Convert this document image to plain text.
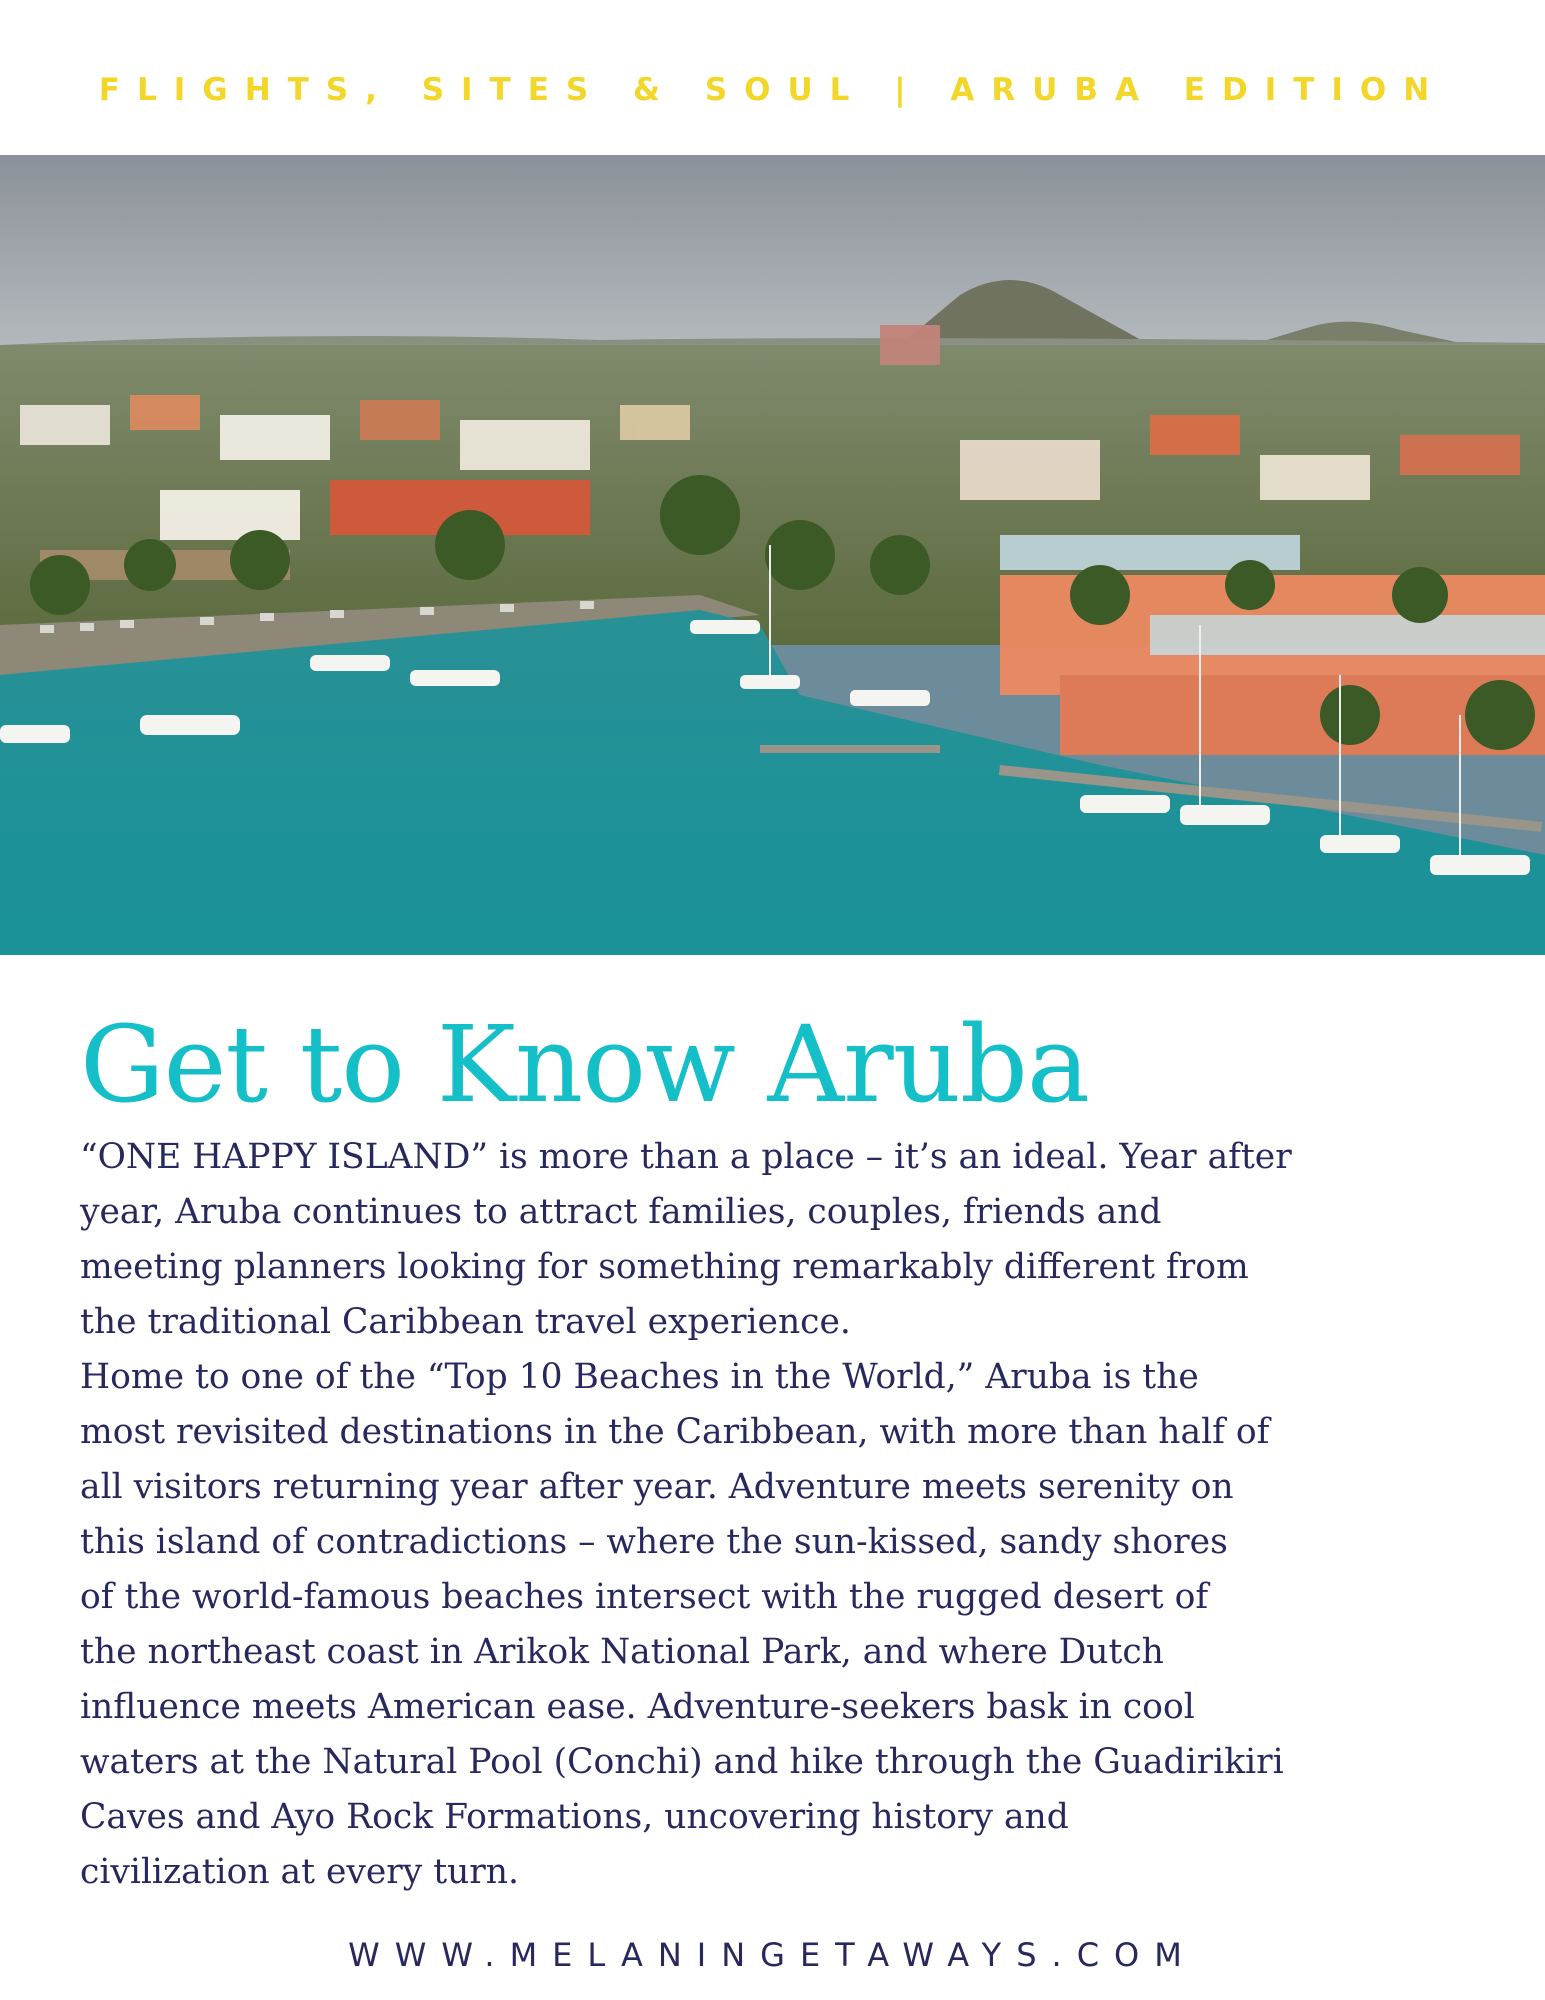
FLIGHTS, SITES & SOUL | ARUBA EDITION
Get to Know Aruba

“ONE HAPPY ISLAND” is more than a place – it’s an ideal. Year after

year, Aruba continues to attract families, couples, friends and

meeting planners looking for something remarkably different from

the traditional Caribbean travel experience.

Home to one of the “Top 10 Beaches in the World,” Aruba is the

most revisited destinations in the Caribbean, with more than half of

all visitors returning year after year. Adventure meets serenity on

this island of contradictions – where the sun-kissed, sandy shores

of the world-famous beaches intersect with the rugged desert of

the northeast coast in Arikok National Park, and where Dutch

influence meets American ease. Adventure-seekers bask in cool

waters at the Natural Pool (Conchi) and hike through the Guadirikiri

Caves and Ayo Rock Formations, uncovering history and

civilization at every turn.

WWW.MELANINGETAWAYS.COM
